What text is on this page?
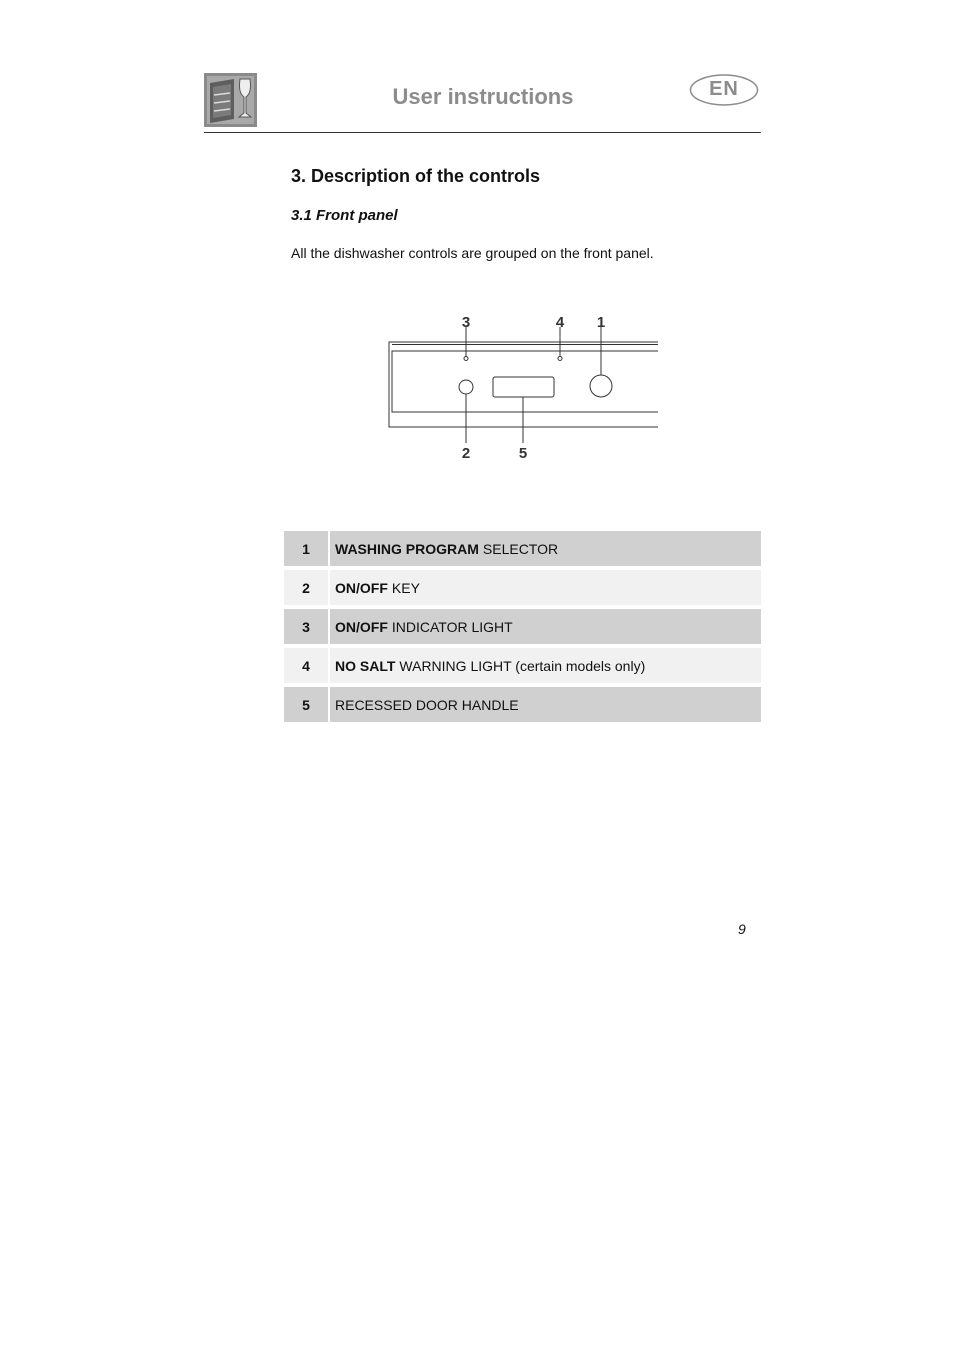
User instructions	EN
3. Description of the controls
3.1 Front panel
All the dishwasher controls are grouped on the front panel.
3	4 1
2	5
1	WASHING PROGRAM SELECTOR
2	ON/OFF KEY
3	ON/OFF INDICATOR LIGHT
4	NO SALT WARNING LIGHT (certain models only)
5	RECESSED DOOR HANDLE
9
